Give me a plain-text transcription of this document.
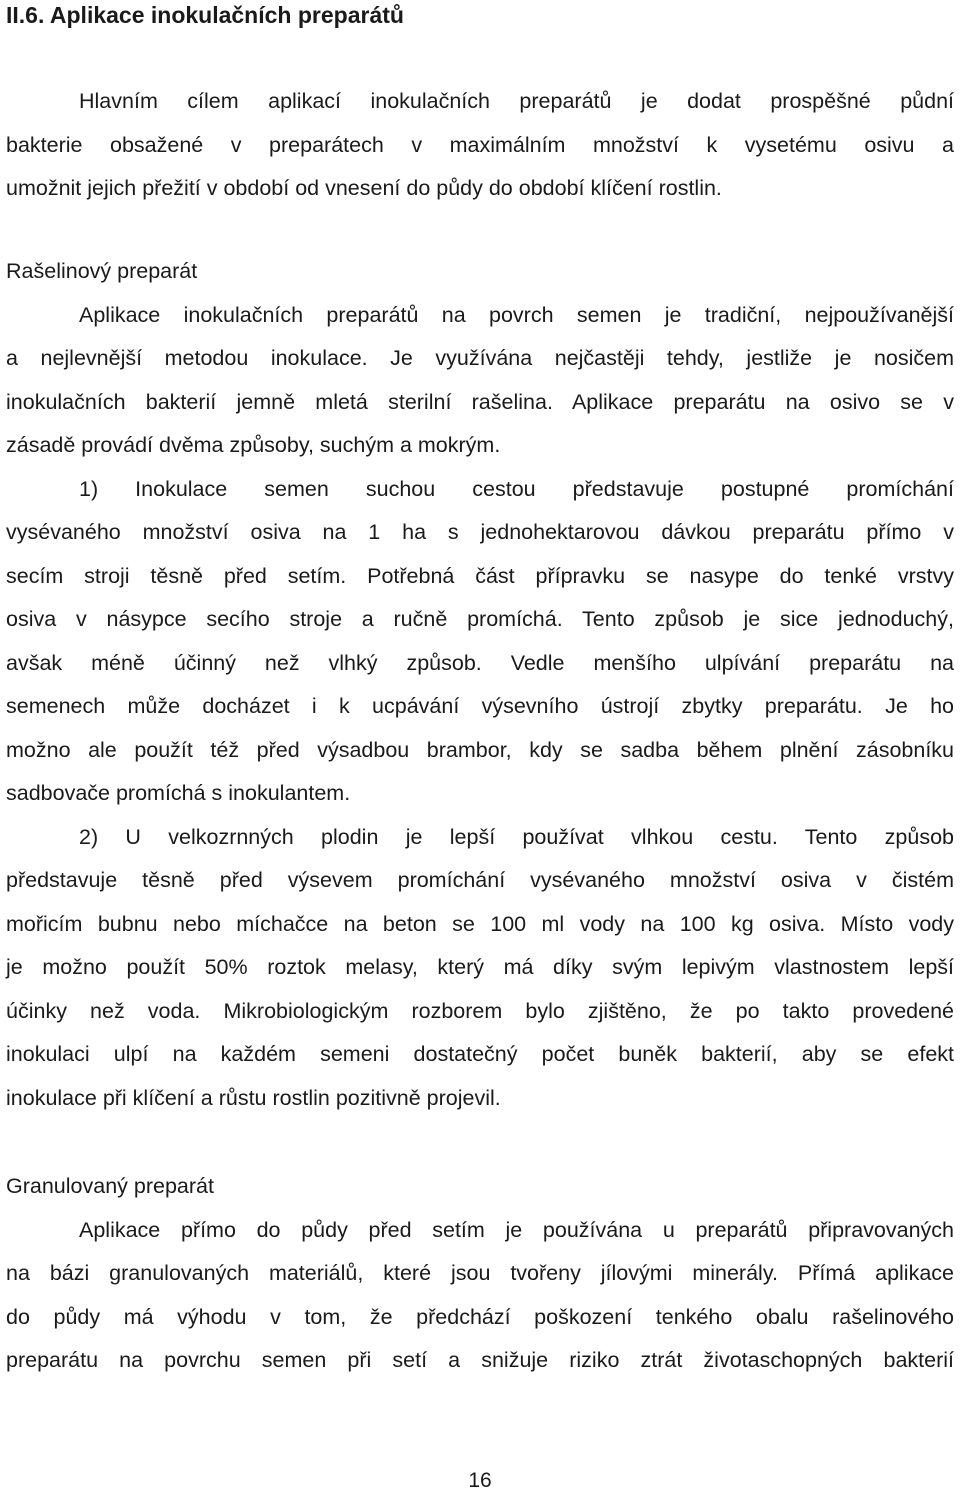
II.6. Aplikace inokulačních preparátů
Hlavním cílem aplikací inokulačních preparátů je dodat prospěšné půdní
bakterie obsažené v preparátech v maximálním množství k vysetému osivu a
umožnit jejich přežití v období od vnesení do půdy do období klíčení rostlin.
Rašelinový preparát
Aplikace inokulačních preparátů na povrch semen je tradiční, nejpoužívanější
a nejlevnější metodou inokulace. Je využívána nejčastěji tehdy, jestliže je nosičem
inokulačních bakterií jemně mletá sterilní rašelina. Aplikace preparátu na osivo se v
zásadě provádí dvěma způsoby, suchým a mokrým.
1) Inokulace semen suchou cestou představuje postupné promíchání
vysévaného množství osiva na 1 ha s jednohektarovou dávkou preparátu přímo v
secím stroji těsně před setím. Potřebná část přípravku se nasype do tenké vrstvy
osiva v násypce secího stroje a ručně promíchá. Tento způsob je sice jednoduchý,
avšak méně účinný než vlhký způsob. Vedle menšího ulpívání preparátu na
semenech může docházet i k ucpávání výsevního ústrojí zbytky preparátu. Je ho
možno ale použít též před výsadbou brambor, kdy se sadba během plnění zásobníku
sadbovače promíchá s inokulantem.
2) U velkozrnných plodin je lepší používat vlhkou cestu. Tento způsob
představuje těsně před výsevem promíchání vysévaného množství osiva v čistém
mořicím bubnu nebo míchačce na beton se 100 ml vody na 100 kg osiva. Místo vody
je možno použít 50% roztok melasy, který má díky svým lepivým vlastnostem lepší
účinky než voda. Mikrobiologickým rozborem bylo zjištěno, že po takto provedené
inokulaci ulpí na každém semeni dostatečný počet buněk bakterií, aby se efekt
inokulace při klíčení a růstu rostlin pozitivně projevil.
Granulovaný preparát
Aplikace přímo do půdy před setím je používána u preparátů připravovaných
na bázi granulovaných materiálů, které jsou tvořeny jílovými minerály. Přímá aplikace
do půdy má výhodu v tom, že předchází poškození tenkého obalu rašelinového
preparátu na povrchu semen při setí a snižuje riziko ztrát životaschopných bakterií
16
